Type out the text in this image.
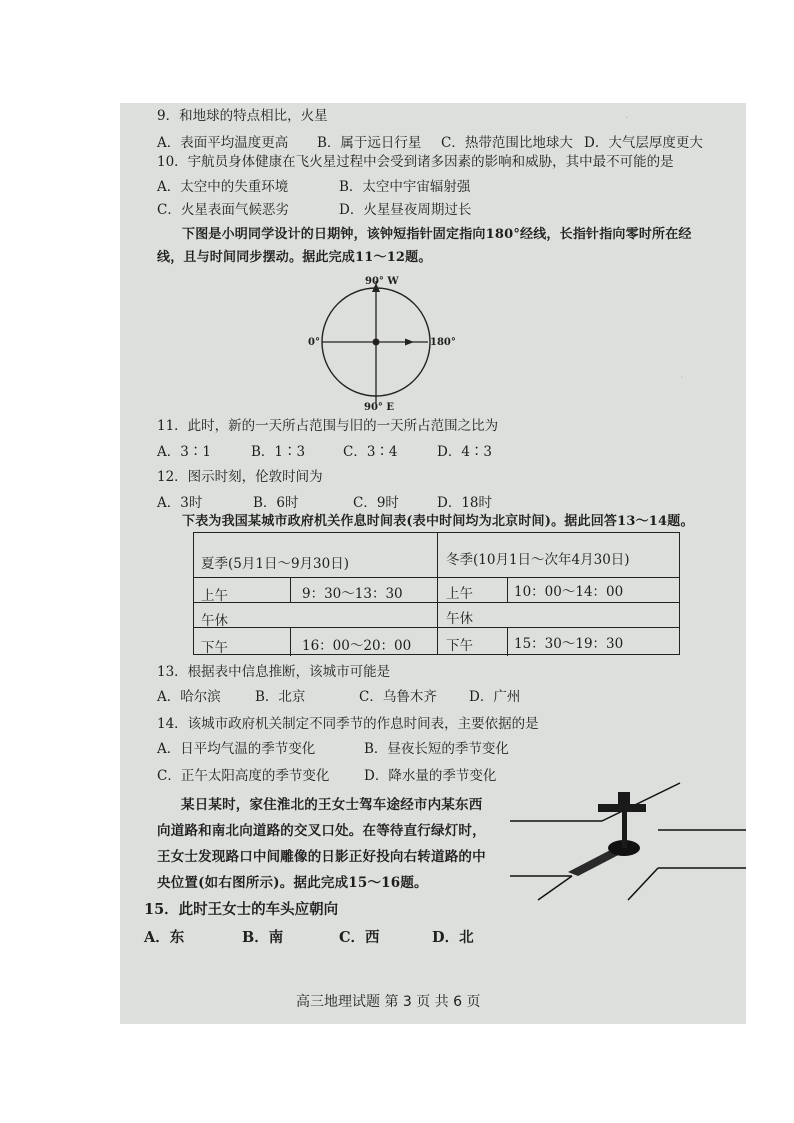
·
·
9．和地球的特点相比，火星
A．表面平均温度更高 B．属于远日行星 C．热带范围比地球大 D．大气层厚度更大
10．宇航员身体健康在飞火星过程中会受到诸多因素的影响和威胁，其中最不可能的是
A．太空中的失重环境	B．太空中宇宙辐射强
C．火星表面气候恶劣	D．火星昼夜周期过长
下图是小明同学设计的日期钟，该钟短指针固定指向180°经线，长指针指向零时所在经
线，且与时间同步摆动。据此完成11～12题。
90° W
90° E
0°	180°
11．此时，新的一天所占范围与旧的一天所占范围之比为
A．3∶1	B．1∶3	C．3∶4	D．4∶3
12．图示时刻，伦敦时间为
A．3时	B．6时	C．9时	D．18时
下表为我国某城市政府机关作息时间表(表中时间均为北京时间)。据此回答13～14题。
夏季(5月1日～9月30日)	冬季(10月1日～次年4月30日)
上午	9：30～13：30	上午	10：00～14：00
午休	午休
下午	16：00～20：00	下午	15：30～19：30
13．根据表中信息推断，该城市可能是
A．哈尔滨	B．北京	C．乌鲁木齐 D．广州
14．该城市政府机关制定不同季节的作息时间表，主要依据的是
A．日平均气温的季节变化	B．昼夜长短的季节变化
C．正午太阳高度的季节变化	D．降水量的季节变化
某日某时，家住淮北的王女士驾车途经市内某东西
向道路和南北向道路的交叉口处。在等待直行绿灯时，
王女士发现路口中间雕像的日影正好投向右转道路的中
央位置(如右图所示)。据此完成15～16题。
15．此时王女士的车头应朝向
A．东	B．南	C．西	D．北
高三地理试题 第 3 页 共 6 页
